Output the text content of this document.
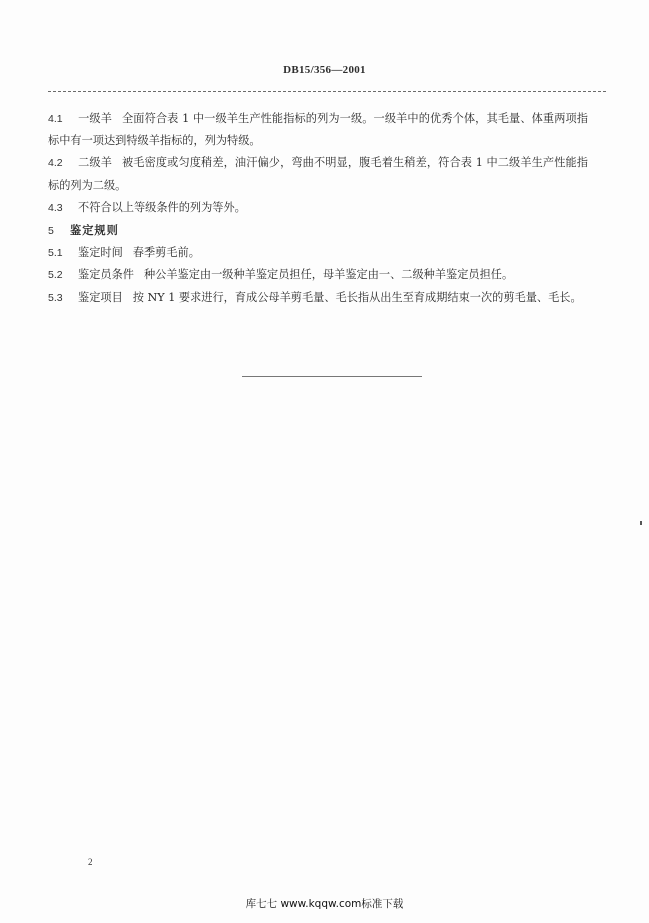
DB15/356—2001

4.1 一级羊 全面符合表 1 中一级羊生产性能指标的列为一级。一级羊中的优秀个体，其毛量、体重两项指标中有一项达到特级羊指标的，列为特级。

4.2 二级羊 被毛密度或匀度稍差，油汗偏少，弯曲不明显，腹毛着生稍差，符合表 1 中二级羊生产性能指标的列为二级。

4.3 不符合以上等级条件的列为等外。

5 鉴定规则

5.1 鉴定时间 春季剪毛前。

5.2 鉴定员条件 种公羊鉴定由一级种羊鉴定员担任，母羊鉴定由一、二级种羊鉴定员担任。

5.3 鉴定项目 按 NY 1 要求进行，育成公母羊剪毛量、毛长指从出生至育成期结束一次的剪毛量、毛长。

2
库七七 www.kqqw.com标准下载
